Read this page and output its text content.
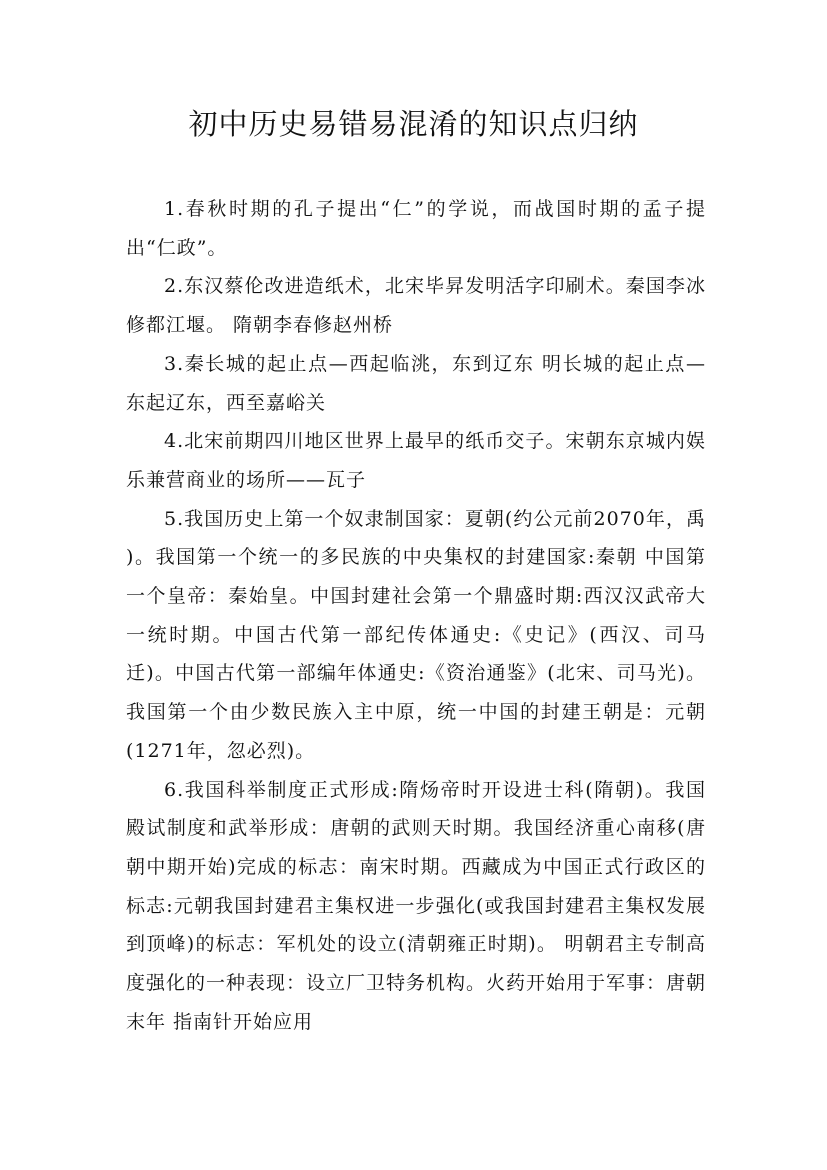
初中历史易错易混淆的知识点归纳

1.春秋时期的孔子提出“仁”的学说，而战国时期的孟子提出“仁政”。

2.东汉蔡伦改进造纸术，北宋毕昇发明活字印刷术。秦国李冰修都江堰。 隋朝李春修赵州桥

3.秦长城的起止点—西起临洮，东到辽东 明长城的起止点—东起辽东，西至嘉峪关

4.北宋前期四川地区世界上最早的纸币交子。宋朝东京城内娱乐兼营商业的场所——瓦子

5.我国历史上第一个奴隶制国家：夏朝(约公元前2070年，禹 )。我国第一个统一的多民族的中央集权的封建国家:秦朝 中国第一个皇帝：秦始皇。中国封建社会第一个鼎盛时期:西汉汉武帝大一统时期。中国古代第一部纪传体通史:《史记》(西汉、司马迁)。中国古代第一部编年体通史:《资治通鉴》(北宋、司马光)。我国第一个由少数民族入主中原，统一中国的封建王朝是：元朝(1271年，忽必烈)。

6.我国科举制度正式形成:隋炀帝时开设进士科(隋朝)。我国殿试制度和武举形成：唐朝的武则天时期。我国经济重心南移(唐朝中期开始)完成的标志：南宋时期。西藏成为中国正式行政区的标志:元朝我国封建君主集权进一步强化(或我国封建君主集权发展到顶峰)的标志：军机处的设立(清朝雍正时期)。 明朝君主专制高度强化的一种表现：设立厂卫特务机构。火药开始用于军事：唐朝末年 指南针开始应用
